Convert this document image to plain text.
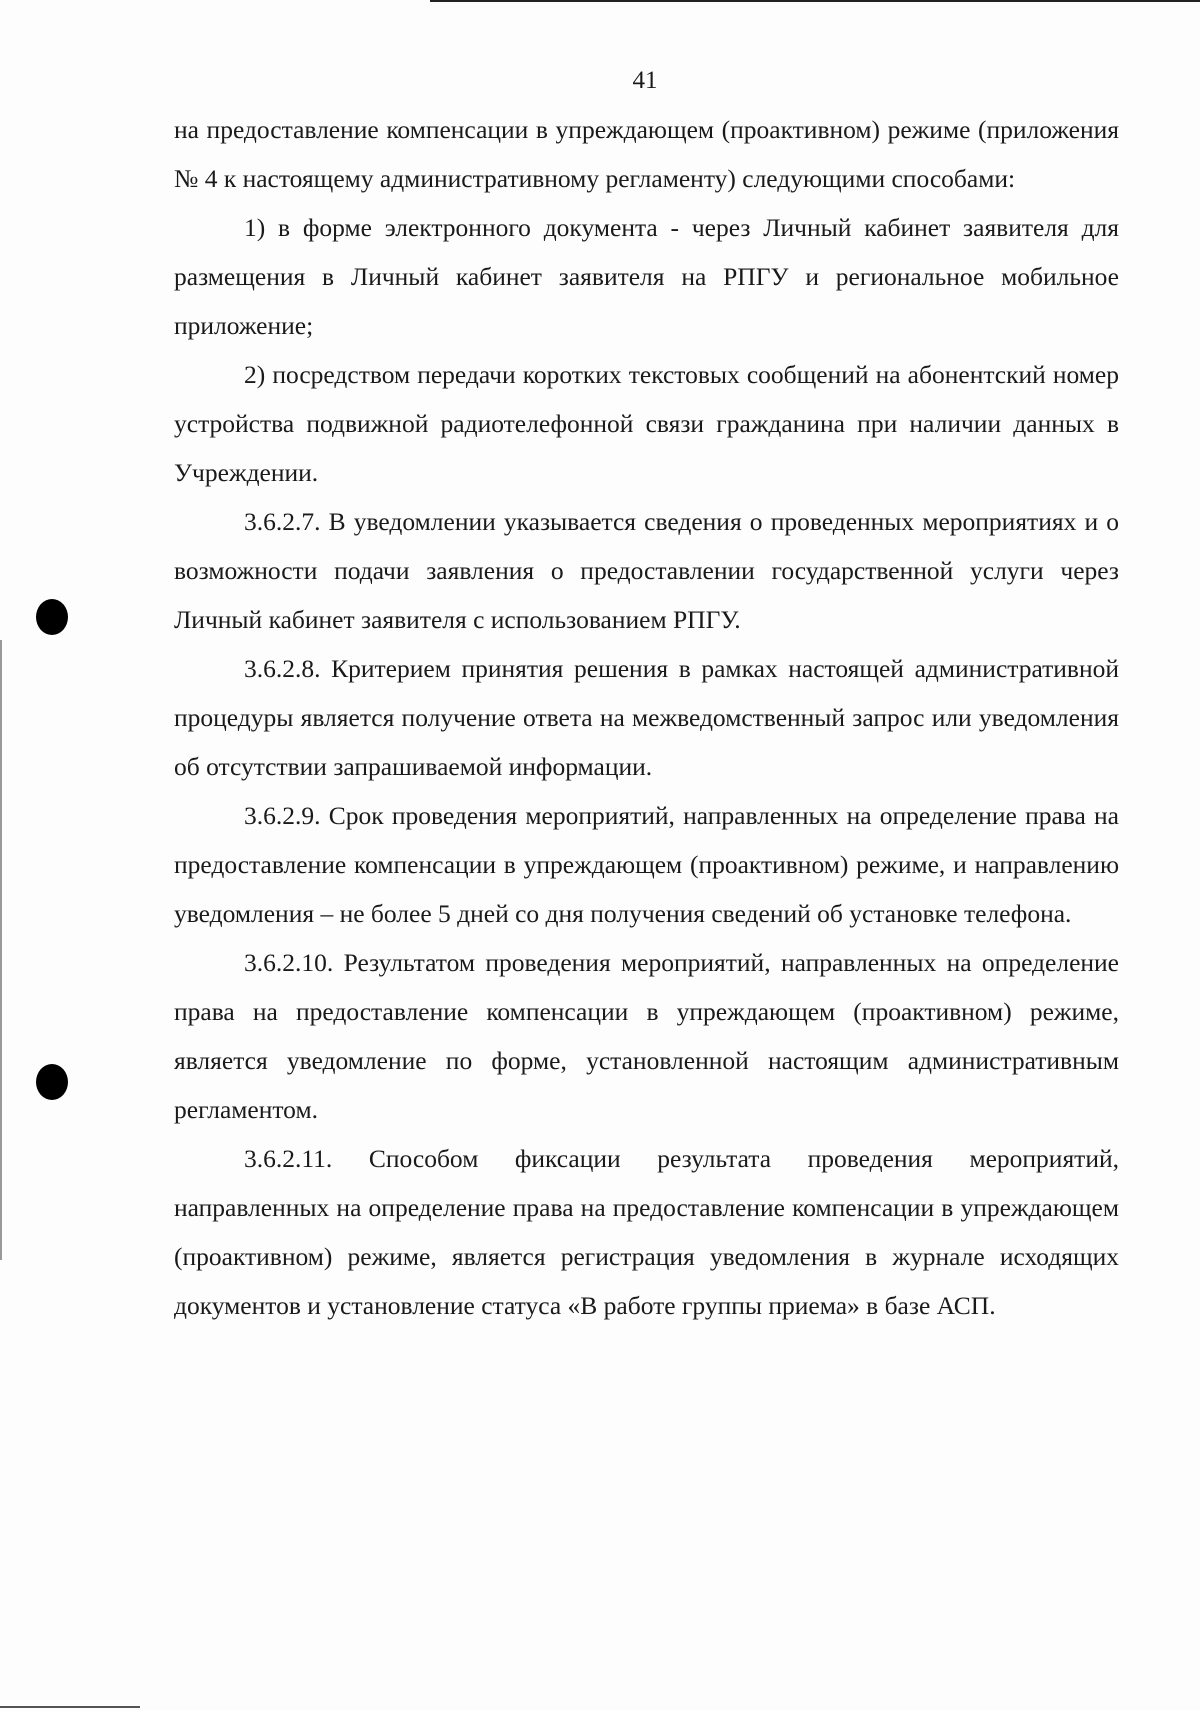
41

на предоставление компенсации в упреждающем (проактивном) режиме (приложения № 4 к настоящему административному регламенту) следующими способами:

1) в форме электронного документа - через Личный кабинет заявителя для размещения в Личный кабинет заявителя на РПГУ и региональное мобильное приложение;

2) посредством передачи коротких текстовых сообщений на абонентский номер устройства подвижной радиотелефонной связи гражданина при наличии данных в Учреждении.

3.6.2.7. В уведомлении указывается сведения о проведенных мероприятиях и о возможности подачи заявления о предоставлении государственной услуги через Личный кабинет заявителя с использованием РПГУ.

3.6.2.8. Критерием принятия решения в рамках настоящей административной процедуры является получение ответа на межведомственный запрос или уведомления об отсутствии запрашиваемой информации.

3.6.2.9. Срок проведения мероприятий, направленных на определение права на предоставление компенсации в упреждающем (проактивном) режиме, и направлению уведомления – не более 5 дней со дня получения сведений об установке телефона.

3.6.2.10. Результатом проведения мероприятий, направленных на определение права на предоставление компенсации в упреждающем (проактивном) режиме, является уведомление по форме, установленной настоящим административным регламентом.

3.6.2.11. Способом фиксации результата проведения мероприятий, направленных на определение права на предоставление компенсации в упреждающем (проактивном) режиме, является регистрация уведомления в журнале исходящих документов и установление статуса «В работе группы приема» в базе АСП.
